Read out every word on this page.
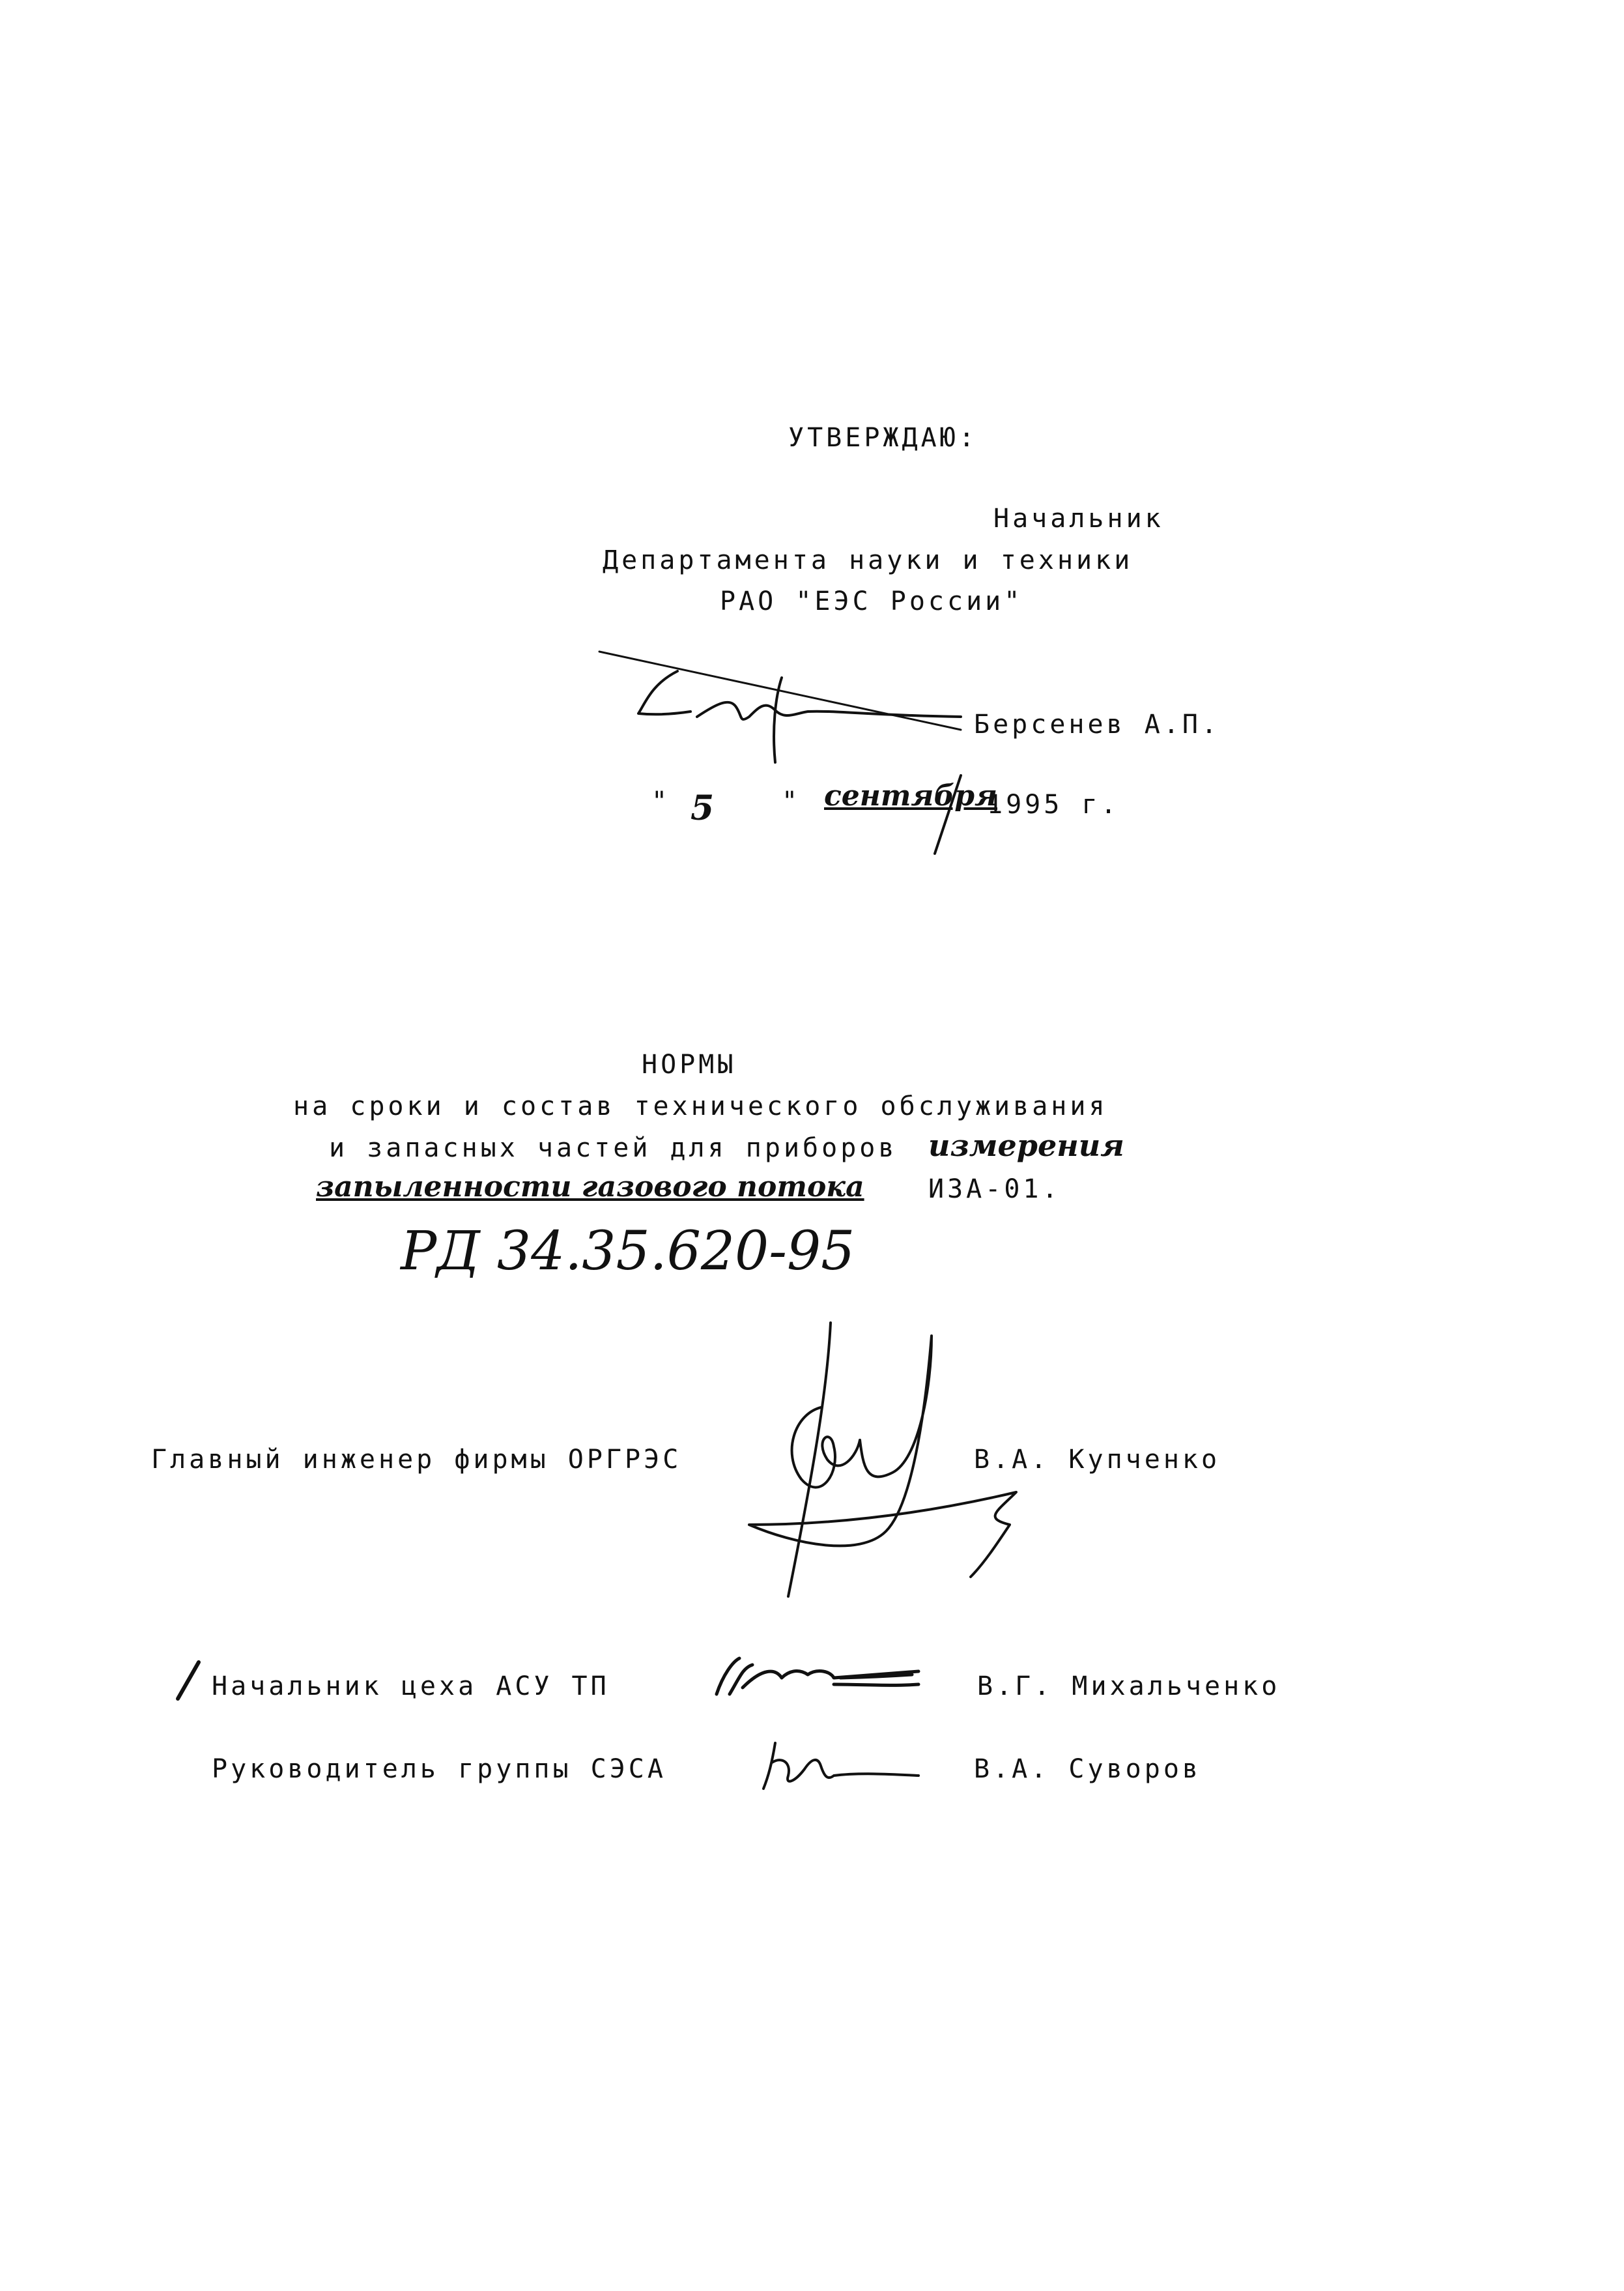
УТВЕРЖДАЮ:
Начальник
Департамента науки и техники
РАО "ЕЭС России"
Берсенев А.П.
" 5	" сентября
1995 г.
НОРМЫ
на сроки и состав технического обслуживания
и запасных частей для приборов измерения
запыленности газового потока ИЗА-01.
РД 34.35.620-95
Главный инженер фирмы ОРГРЭС	В.А. Купченко
Начальник цеха АСУ ТП	В.Г. Михальченко
Руководитель группы СЭСА	В.А. Суворов
